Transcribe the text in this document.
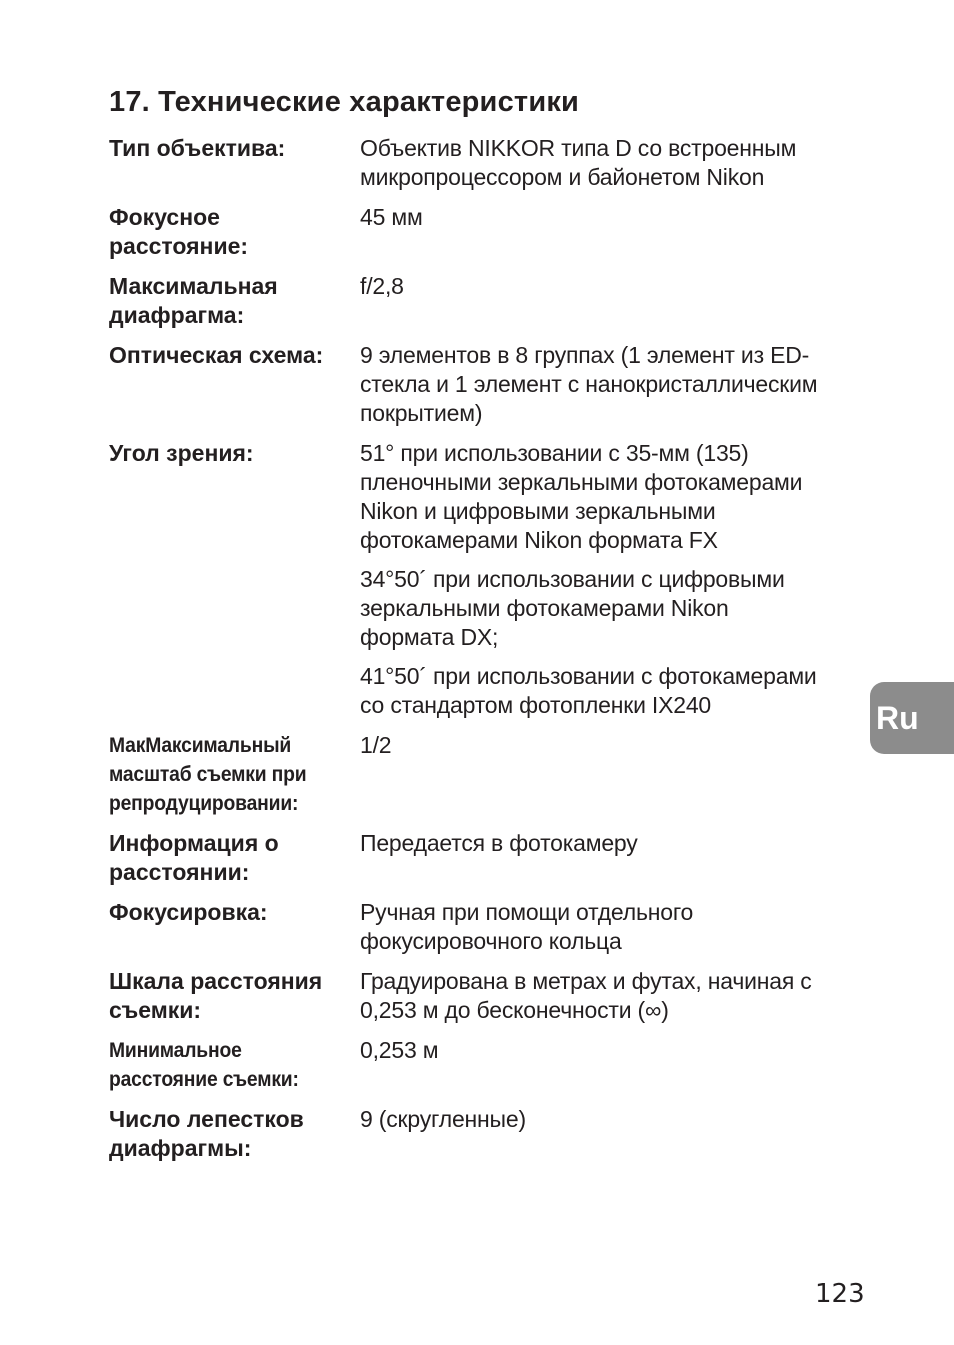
17. Технические характеристики
Тип объектива:	Объектив NIKKOR типа D со встроенным микропроцессором и байонетом Nikon
Фокусное расстояние:
45 мм
Максимальная диафрагма:
f/2,8
Оптическая схема:	9 элементов в 8 группах (1 элемент из ED-стекла и 1 элемент с нанокристаллическим покрытием)
Угол зрения:	51° при использовании с 35-мм (135) пленочными зеркальными фотокамерами Nikon и цифровыми зеркальными фотокамерами Nikon формата FX
34°50´ при использовании с цифровыми зеркальными фотокамерами Nikon формата DX;
41°50´ при использовании с фотокамерами со стандартом фотопленки IX240
МакМаксимальный масштаб съемки при репродуцировании:
1/2
Информация о расстоянии:
Передается в фотокамеру
Фокусировка:	Ручная при помощи отдельного фокусировочного кольца
Шкала расстояния съемки:
Градуирована в метрах и футах, начиная с 0,253 м до бесконечности (∞)
Минимальное расстояние съемки:
0,253 м
Число лепестков диафрагмы:
9 (скругленные)
Ru
123
